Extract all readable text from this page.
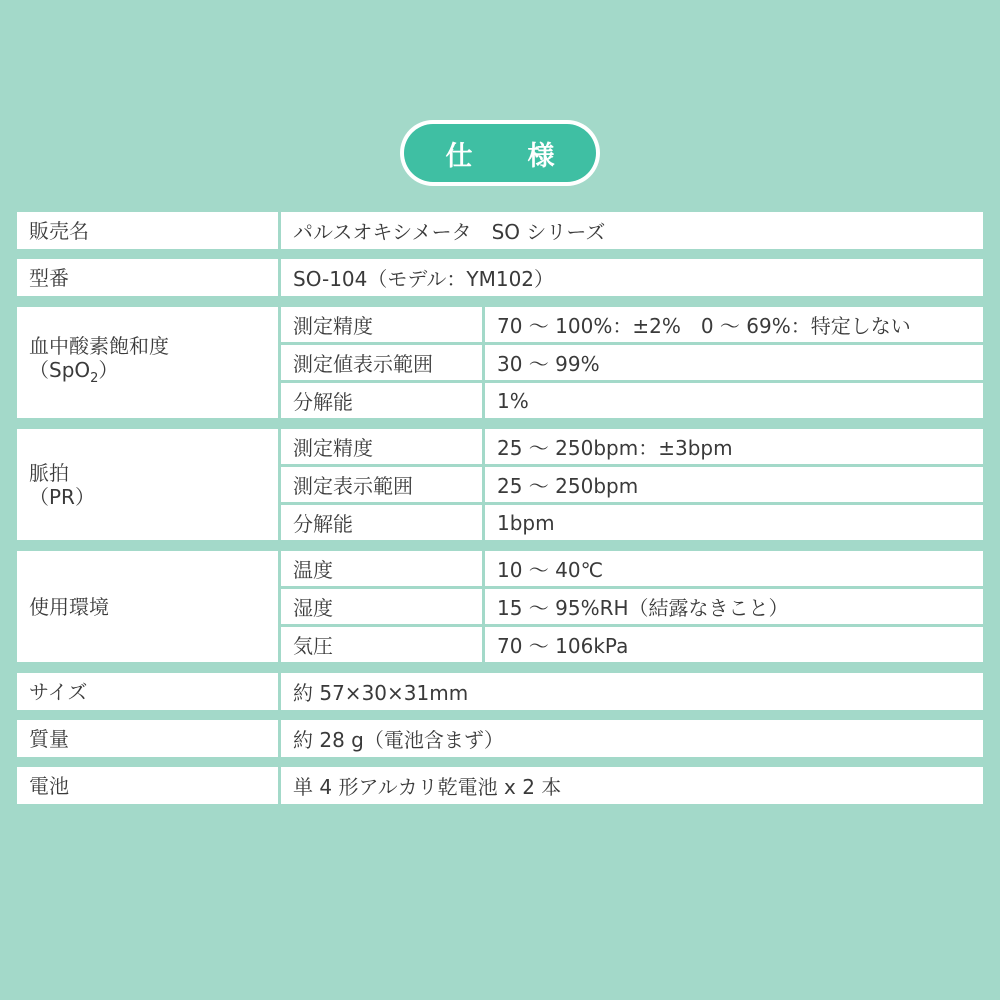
仕　様
販売名	パルスオキシメータ　SO シリーズ
型番	SO-104（モデル：YM102）
血中酸素飽和度
（SpO$_2$）
測定精度	70 ～ 100%：±2%　0 ～ 69%：特定しない
測定値表示範囲	30 ～ 99%
分解能	1%
脈拍
（PR）
測定精度	25 ～ 250bpm：±3bpm
測定表示範囲	25 ～ 250bpm
分解能	1bpm
使用環境
温度	10 ～ 40℃
湿度	15 ～ 95%RH（結露なきこと）
気圧	70 ～ 106kPa
サイズ	約 57×30×31mm
質量	約 28 g（電池含まず）
電池	単 4 形アルカリ乾電池 x 2 本
